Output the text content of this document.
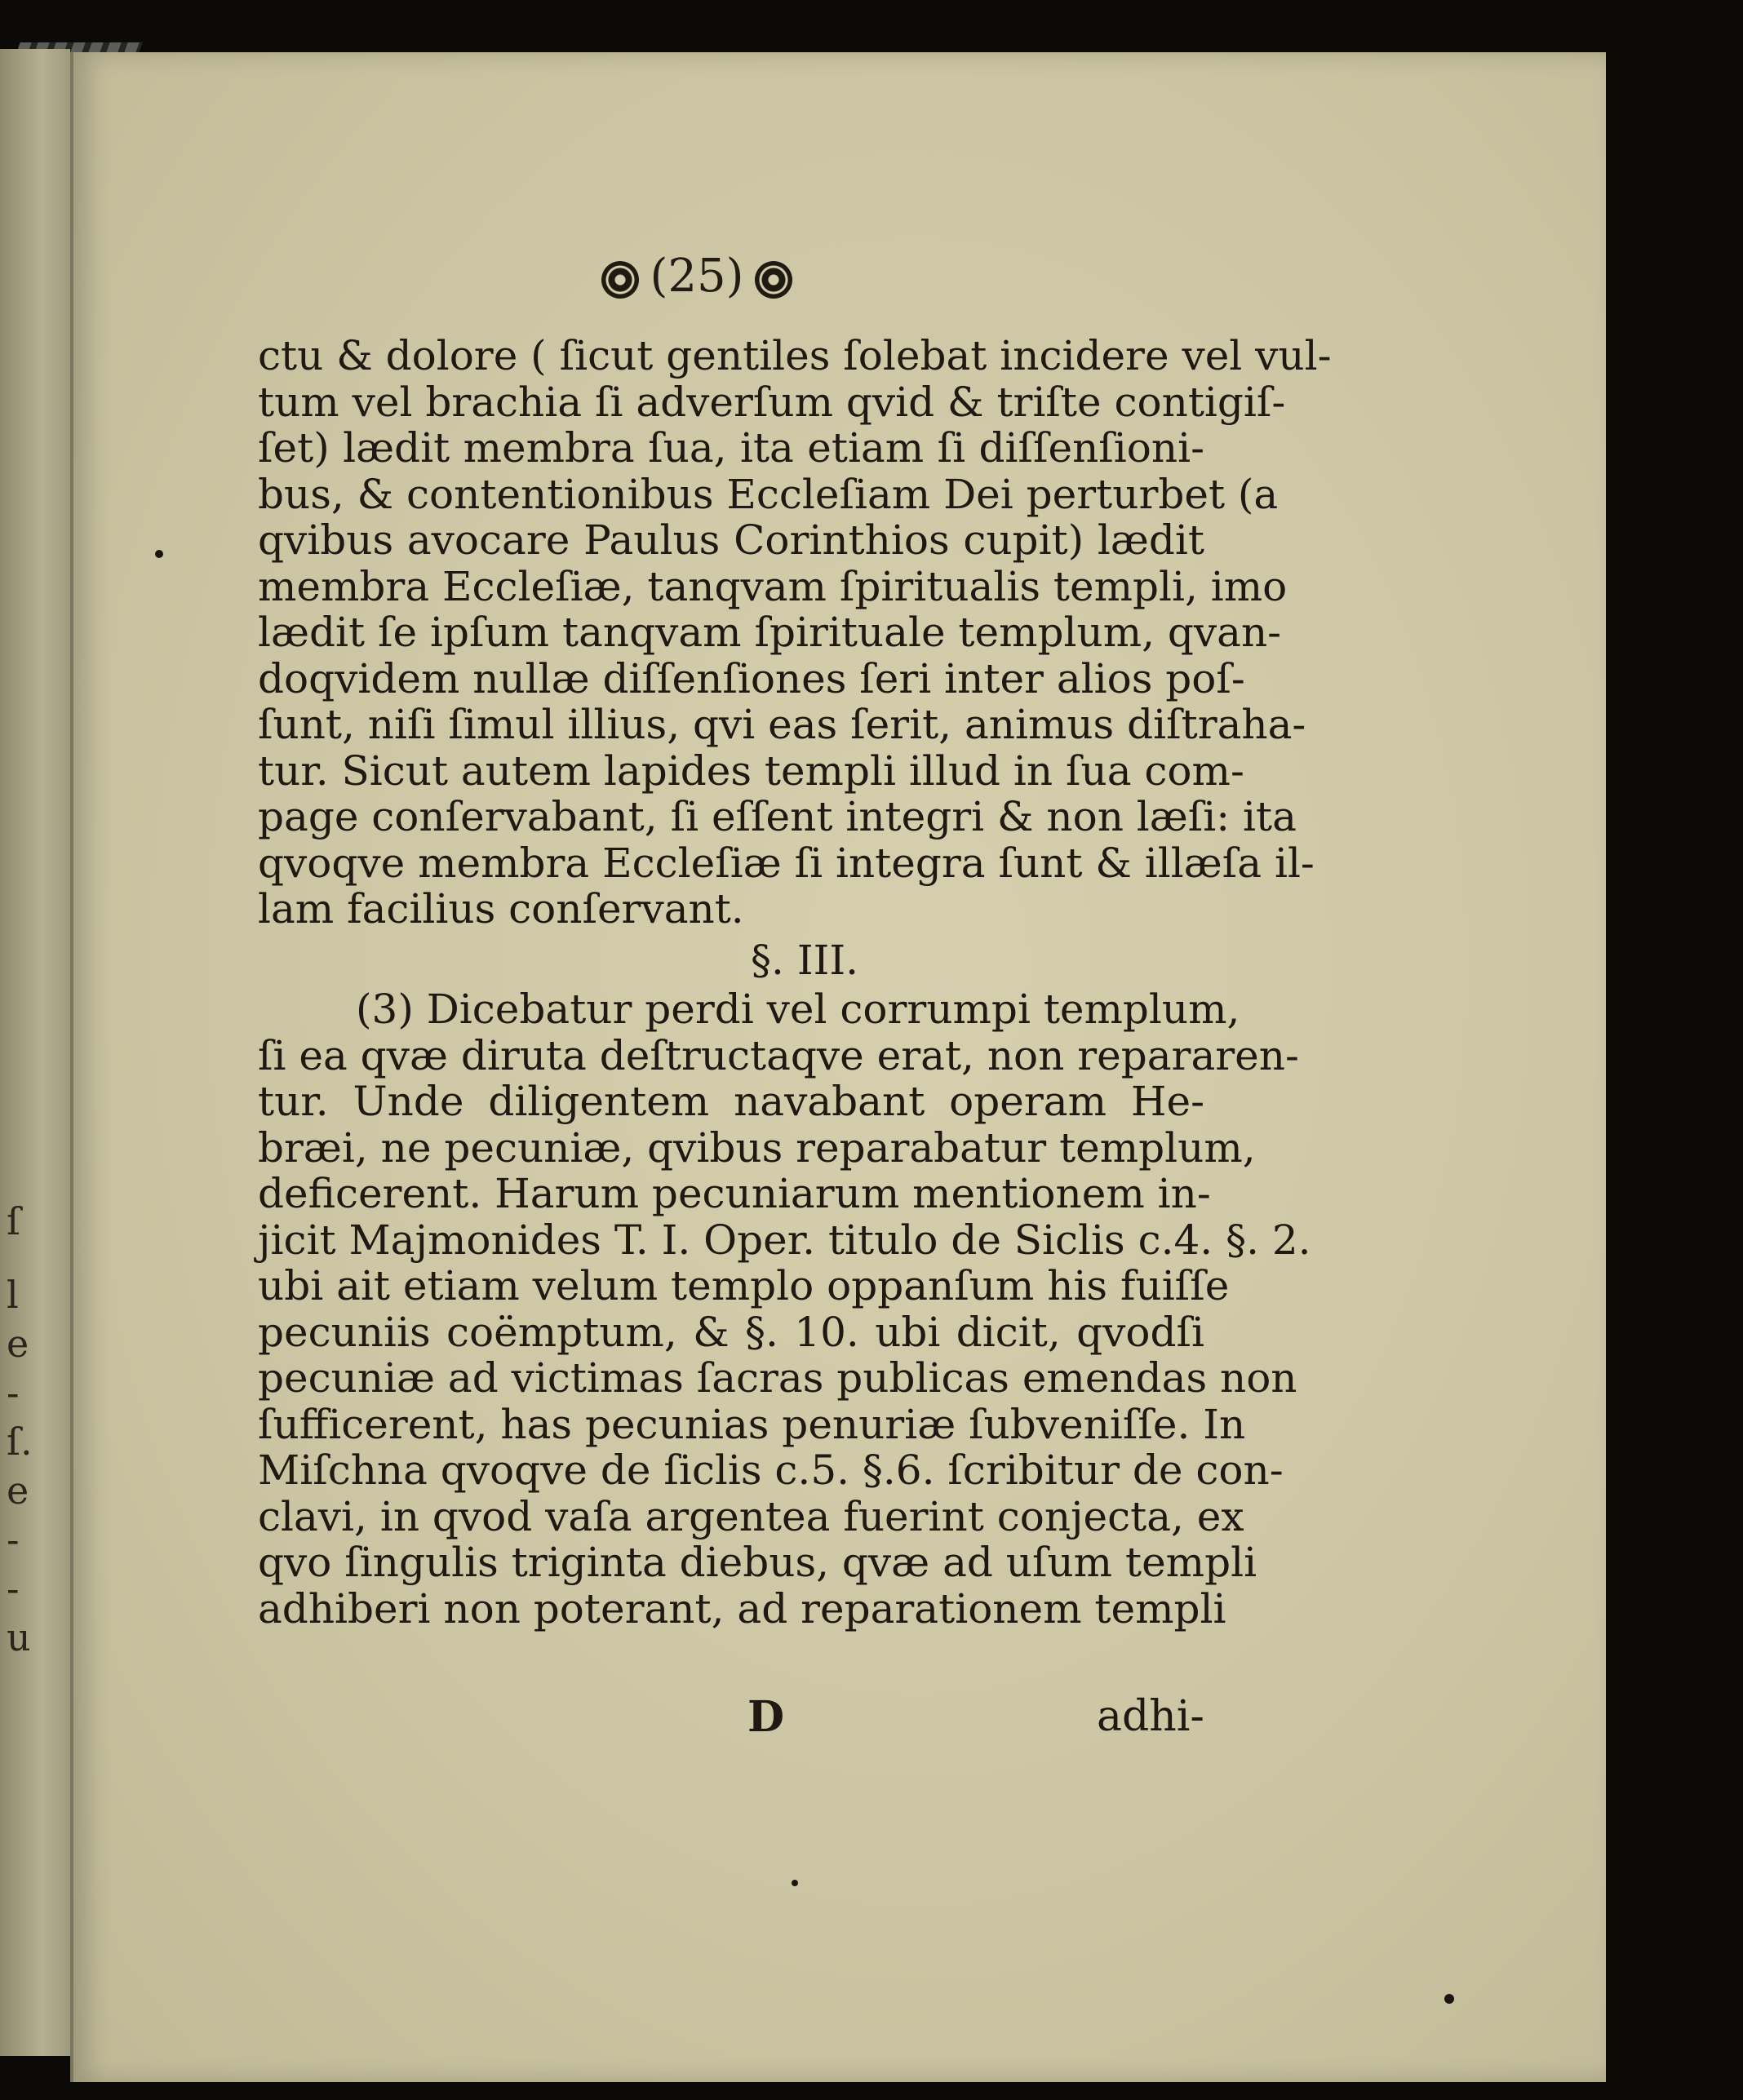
ſ
l
e
-
ſ.
e
-
-
u
(25)
ctu & dolore ( ſicut gentiles ſolebat incidere vel vul-
tum vel brachia ſi adverſum qvid & triſte contigiſ-
ſet) lædit membra ſua, ita etiam ſi diſſenſioni-
bus, & contentionibus Eccleſiam Dei perturbet (a
qvibus avocare Paulus Corinthios cupit) lædit
membra Eccleſiæ, tanqvam ſpiritualis templi, imo
lædit ſe ipſum tanqvam ſpirituale templum, qvan-
doqvidem nullæ diſſenſiones ſeri inter alios poſ-
ſunt, niſi ſimul illius, qvi eas ſerit, animus diſtraha-
tur. Sicut autem lapides templi illud in ſua com-
page conſervabant, ſi eſſent integri & non læſi: ita
qvoqve membra Eccleſiæ ſi integra ſunt & illæſa il-
lam facilius conſervant.
§. III.
(3) Dicebatur perdi vel corrumpi templum,
ſi ea qvæ diruta deſtructaqve erat, non repararen-
tur. Unde diligentem navabant operam He-
bræi, ne pecuniæ, qvibus reparabatur templum,
deficerent. Harum pecuniarum mentionem in-
jicit Majmonides T. I. Oper. titulo de Siclis c.4. §. 2.
ubi ait etiam velum templo oppanſum his fuiſſe
pecuniis coëmptum, & §. 10. ubi dicit, qvodſi
pecuniæ ad victimas ſacras publicas emendas non
ſufficerent, has pecunias penuriæ ſubveniſſe. In
Miſchna qvoqve de ſiclis c.5. §.6. ſcribitur de con-
clavi, in qvod vaſa argentea fuerint conjecta, ex
qvo ſingulis triginta diebus, qvæ ad uſum templi
adhiberi non poterant, ad reparationem templi
D	adhi-
